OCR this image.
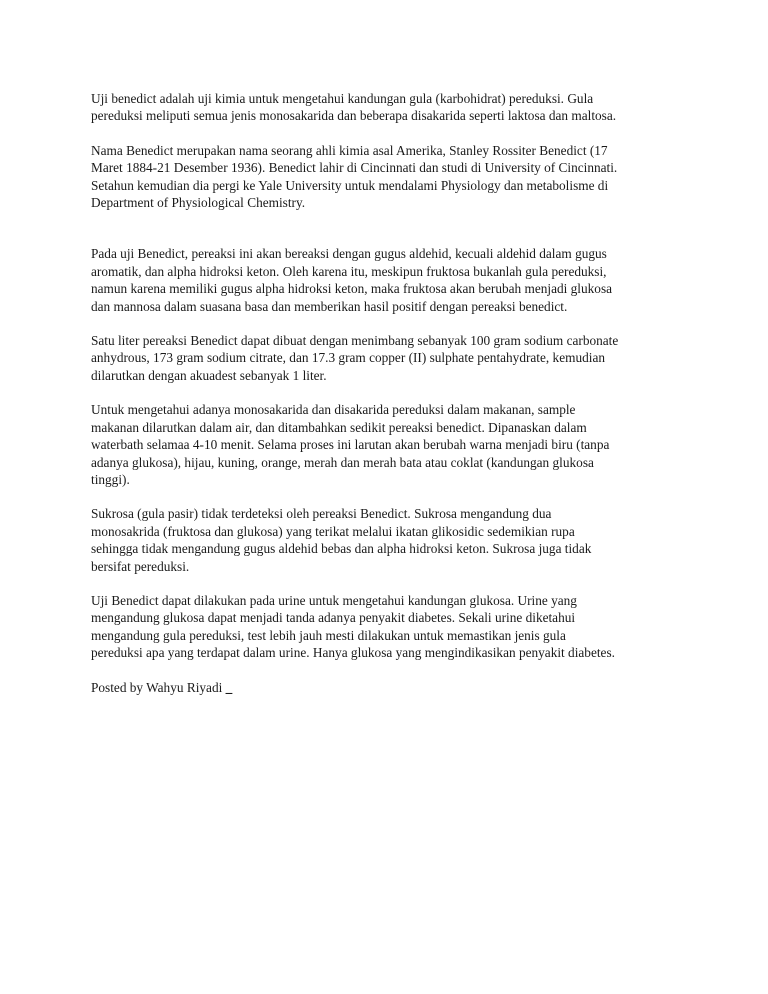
Uji benedict adalah uji kimia untuk mengetahui kandungan gula (karbohidrat) pereduksi. Gula
pereduksi meliputi semua jenis monosakarida dan beberapa disakarida seperti laktosa dan maltosa.

Nama Benedict merupakan nama seorang ahli kimia asal Amerika, Stanley Rossiter Benedict (17
Maret 1884-21 Desember 1936). Benedict lahir di Cincinnati dan studi di University of Cincinnati.
Setahun kemudian dia pergi ke Yale University untuk mendalami Physiology dan metabolisme di
Department of Physiological Chemistry.

Pada uji Benedict, pereaksi ini akan bereaksi dengan gugus aldehid, kecuali aldehid dalam gugus
aromatik, dan alpha hidroksi keton. Oleh karena itu, meskipun fruktosa bukanlah gula pereduksi,
namun karena memiliki gugus alpha hidroksi keton, maka fruktosa akan berubah menjadi glukosa
dan mannosa dalam suasana basa dan memberikan hasil positif dengan pereaksi benedict.

Satu liter pereaksi Benedict dapat dibuat dengan menimbang sebanyak 100 gram sodium carbonate
anhydrous, 173 gram sodium citrate, dan 17.3 gram copper (II) sulphate pentahydrate, kemudian
dilarutkan dengan akuadest sebanyak 1 liter.

Untuk mengetahui adanya monosakarida dan disakarida pereduksi dalam makanan, sample
makanan dilarutkan dalam air, dan ditambahkan sedikit pereaksi benedict. Dipanaskan dalam
waterbath selamaa 4-10 menit. Selama proses ini larutan akan berubah warna menjadi biru (tanpa
adanya glukosa), hijau, kuning, orange, merah dan merah bata atau coklat (kandungan glukosa
tinggi).

Sukrosa (gula pasir) tidak terdeteksi oleh pereaksi Benedict. Sukrosa mengandung dua
monosakrida (fruktosa dan glukosa) yang terikat melalui ikatan glikosidic sedemikian rupa
sehingga tidak mengandung gugus aldehid bebas dan alpha hidroksi keton. Sukrosa juga tidak
bersifat pereduksi.

Uji Benedict dapat dilakukan pada urine untuk mengetahui kandungan glukosa. Urine yang
mengandung glukosa dapat menjadi tanda adanya penyakit diabetes. Sekali urine diketahui
mengandung gula pereduksi, test lebih jauh mesti dilakukan untuk memastikan jenis gula
pereduksi apa yang terdapat dalam urine. Hanya glukosa yang mengindikasikan penyakit diabetes.

Posted by Wahyu Riyadi _
